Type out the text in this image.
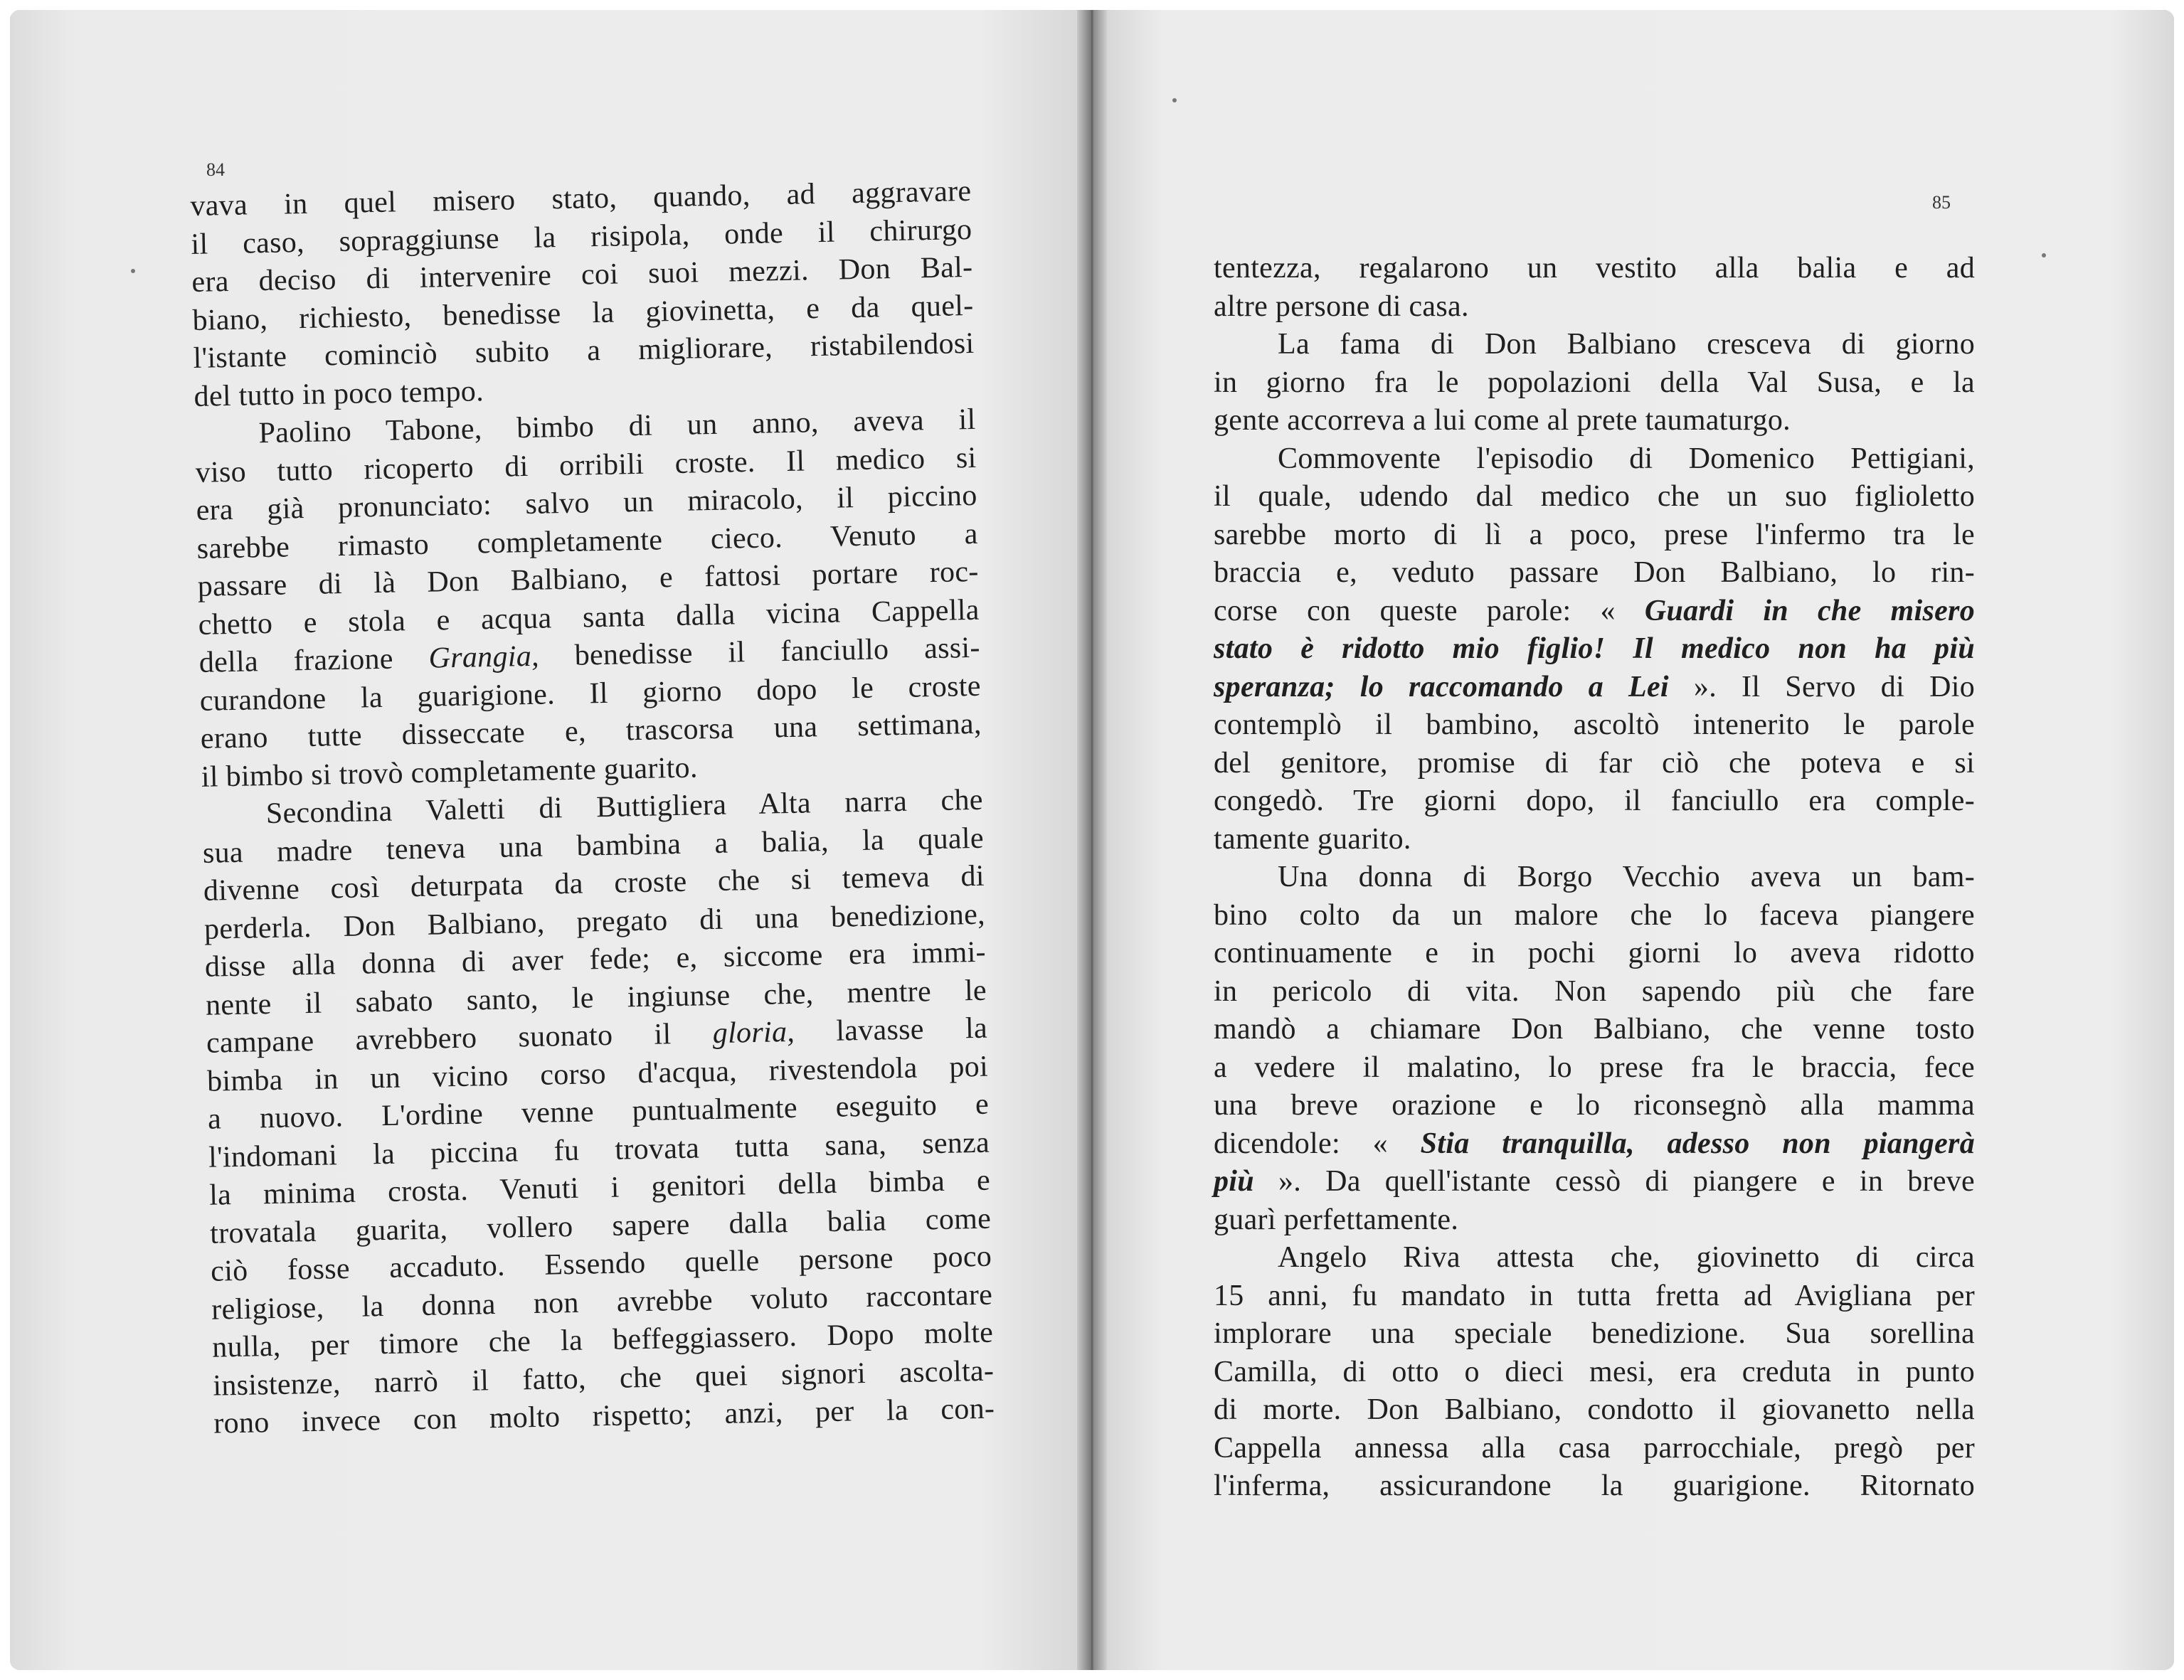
84
85
vava in quel misero stato, quando, ad aggravare
il caso, sopraggiunse la risipola, onde il chirurgo
era deciso di intervenire coi suoi mezzi. Don Bal-
biano, richiesto, benedisse la giovinetta, e da quel-
l'istante cominciò subito a migliorare, ristabilendosi
del tutto in poco tempo.
Paolino Tabone, bimbo di un anno, aveva il
viso tutto ricoperto di orribili croste. Il medico si
era già pronunciato: salvo un miracolo, il piccino
sarebbe rimasto completamente cieco. Venuto a
passare di là Don Balbiano, e fattosi portare roc-
chetto e stola e acqua santa dalla vicina Cappella
della frazione Grangia, benedisse il fanciullo assi-
curandone la guarigione. Il giorno dopo le croste
erano tutte disseccate e, trascorsa una settimana,
il bimbo si trovò completamente guarito.
Secondina Valetti di Buttigliera Alta narra che
sua madre teneva una bambina a balia, la quale
divenne così deturpata da croste che si temeva di
perderla. Don Balbiano, pregato di una benedizione,
disse alla donna di aver fede; e, siccome era immi-
nente il sabato santo, le ingiunse che, mentre le
campane avrebbero suonato il gloria, lavasse la
bimba in un vicino corso d'acqua, rivestendola poi
a nuovo. L'ordine venne puntualmente eseguito e
l'indomani la piccina fu trovata tutta sana, senza
la minima crosta. Venuti i genitori della bimba e
trovatala guarita, vollero sapere dalla balia come
ciò fosse accaduto. Essendo quelle persone poco
religiose, la donna non avrebbe voluto raccontare
nulla, per timore che la beffeggiassero. Dopo molte
insistenze, narrò il fatto, che quei signori ascolta-
rono invece con molto rispetto; anzi, per la con-
tentezza, regalarono un vestito alla balia e ad
altre persone di casa.
La fama di Don Balbiano cresceva di giorno
in giorno fra le popolazioni della Val Susa, e la
gente accorreva a lui come al prete taumaturgo.
Commovente l'episodio di Domenico Pettigiani,
il quale, udendo dal medico che un suo figlioletto
sarebbe morto di lì a poco, prese l'infermo tra le
braccia e, veduto passare Don Balbiano, lo rin-
corse con queste parole: « Guardi in che misero
stato è ridotto mio figlio! Il medico non ha più
speranza; lo raccomando a Lei ». Il Servo di Dio
contemplò il bambino, ascoltò intenerito le parole
del genitore, promise di far ciò che poteva e si
congedò. Tre giorni dopo, il fanciullo era comple-
tamente guarito.
Una donna di Borgo Vecchio aveva un bam-
bino colto da un malore che lo faceva piangere
continuamente e in pochi giorni lo aveva ridotto
in pericolo di vita. Non sapendo più che fare
mandò a chiamare Don Balbiano, che venne tosto
a vedere il malatino, lo prese fra le braccia, fece
una breve orazione e lo riconsegnò alla mamma
dicendole: « Stia tranquilla, adesso non piangerà
più ». Da quell'istante cessò di piangere e in breve
guarì perfettamente.
Angelo Riva attesta che, giovinetto di circa
15 anni, fu mandato in tutta fretta ad Avigliana per
implorare una speciale benedizione. Sua sorellina
Camilla, di otto o dieci mesi, era creduta in punto
di morte. Don Balbiano, condotto il giovanetto nella
Cappella annessa alla casa parrocchiale, pregò per
l'inferma, assicurandone la guarigione. Ritornato
